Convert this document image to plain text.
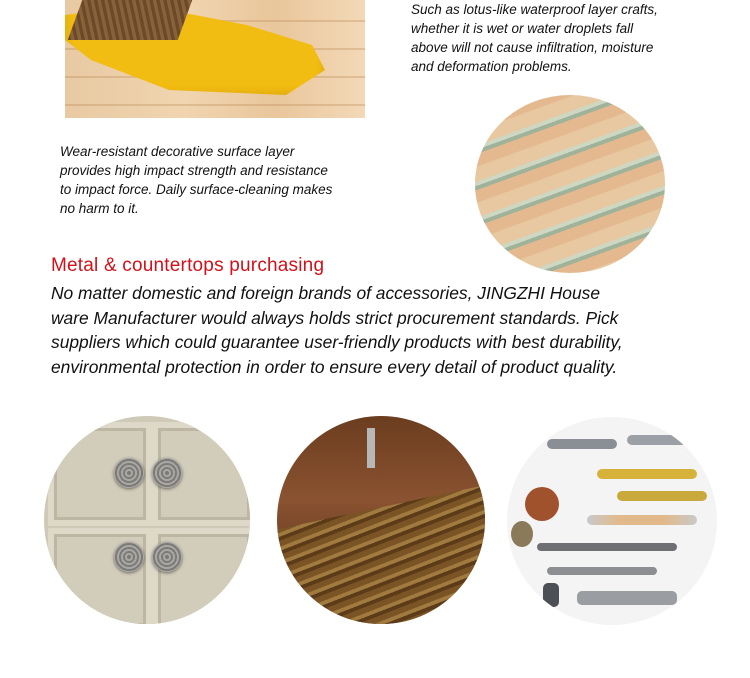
Such as lotus-like waterproof layer crafts,

whether it is wet or water droplets fall

above will not cause infiltration, moisture

and deformation problems.

Wear-resistant decorative surface layer

provides high impact strength and resistance

to impact force. Daily surface-cleaning makes

no harm to it.

Metal & countertops purchasing

No matter domestic and foreign brands of accessories, JINGZHI House
ware Manufacturer would always holds strict procurement standards. Pick
suppliers which could guarantee user-friendly products with best durability,
environmental protection in order to ensure every detail of product quality.
